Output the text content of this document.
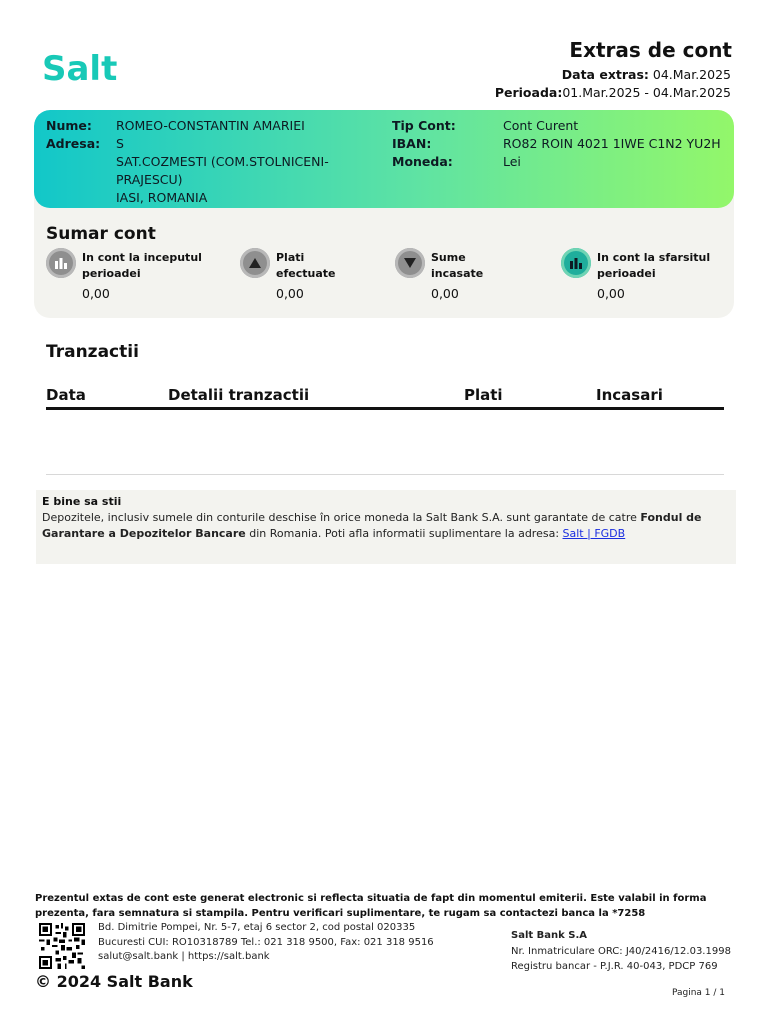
Salt	Extras de cont
Data extras: 04.Mar.2025
Perioada:01.Mar.2025 - 04.Mar.2025
Nume: ROMEO-CONSTANTIN AMARIEI
Adresa: S
SAT.COZMESTI (COM.STOLNICENI-
PRAJESCU)
IASI, ROMANIA
Tip Cont:	Cont Curent
IBAN:	RO82 ROIN 4021 1IWE C1N2 YU2H
Moneda:	Lei
Sumar cont
In cont la inceputul perioadei
0,00
Plati efectuate
0,00
Sume incasate
0,00
In cont la sfarsitul perioadei
0,00
Tranzactii
Data	Detalii tranzactii	Plati	Incasari
E bine sa stii
Depozitele, inclusiv sumele din conturile deschise în orice moneda la Salt Bank S.A. sunt garantate de catre Fondul de Garantare a Depozitelor Bancare din Romania. Poti afla informatii suplimentare la adresa: Salt | FGDB
Prezentul extas de cont este generat electronic si reflecta situatia de fapt din momentul emiterii. Este valabil in forma prezenta, fara semnatura si stampila. Pentru verificari suplimentare, te rugam sa contactezi banca la *7258
Bd. Dimitrie Pompei, Nr. 5-7, etaj 6 sector 2, cod postal 020335
Bucuresti CUI: RO10318789 Tel.: 021 318 9500, Fax: 021 318 9516
salut@salt.bank | https://salt.bank
Salt Bank S.A
Nr. Inmatriculare ORC: J40/2416/12.03.1998
Registru bancar - P.J.R. 40-043, PDCP 769
© 2024 Salt Bank
Pagina 1 / 1
